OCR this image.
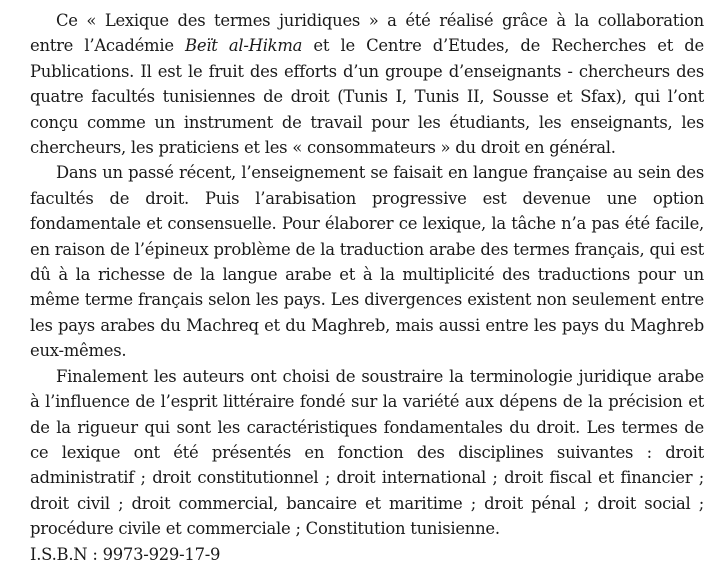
Ce « Lexique des termes juridiques » a été réalisé grâce à la collaboration entre l’Académie Beït al-Hikma et le Centre d’Etudes, de Recherches et de Publications. Il est le fruit des efforts d’un groupe d’enseignants - chercheurs des quatre facultés tunisiennes de droit (Tunis I, Tunis II, Sousse et Sfax), qui l’ont conçu comme un instrument de travail pour les étudiants, les enseignants, les chercheurs, les praticiens et les « consommateurs » du droit en général.

Dans un passé récent, l’enseignement se faisait en langue française au sein des facultés de droit. Puis l’arabisation progressive est devenue une option fondamentale et consensuelle. Pour élaborer ce lexique, la tâche n’a pas été facile, en raison de l’épineux problème de la traduction arabe des termes français, qui est dû à la richesse de la langue arabe et à la multiplicité des traductions pour un même terme français selon les pays. Les divergences existent non seulement entre les pays arabes du Machreq et du Maghreb, mais aussi entre les pays du Maghreb eux-mêmes.

Finalement les auteurs ont choisi de soustraire la terminologie juridique arabe à l’influence de l’esprit littéraire fondé sur la variété aux dépens de la précision et de la rigueur qui sont les caractéristiques fondamentales du droit. Les termes de ce lexique ont été présentés en fonction des disciplines suivantes : droit administratif ; droit constitutionnel ; droit international ; droit fiscal et financier ; droit civil ; droit commercial, bancaire et maritime ; droit pénal ; droit social ; procédure civile et commerciale ; Constitution tunisienne.

I.S.B.N : 9973-929-17-9
